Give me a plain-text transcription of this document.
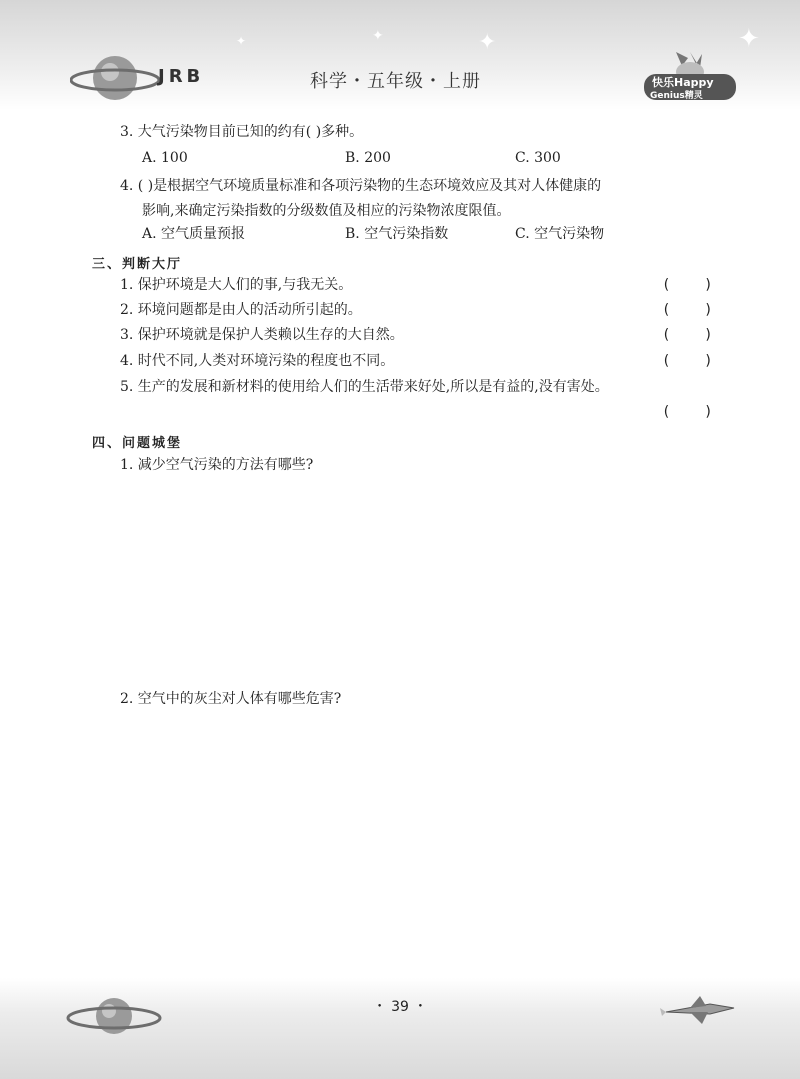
✦	✦	✦
✦
JRB	科学・五年级・上册	快乐Happy
Genius精灵
3. 大气污染物目前已知的约有( )多种。
A. 100	B. 200	C. 300
4. ( )是根据空气环境质量标准和各项污染物的生态环境效应及其对人体健康的
影响,来确定污染指数的分级数值及相应的污染物浓度限值。
A. 空气质量预报	B. 空气污染指数	C. 空气污染物
三、判断大厅
1. 保护环境是大人们的事,与我无关。	(    )
2. 环境问题都是由人的活动所引起的。	(    )
3. 保护环境就是保护人类赖以生存的大自然。	(    )
4. 时代不同,人类对环境污染的程度也不同。	(    )
5. 生产的发展和新材料的使用给人们的生活带来好处,所以是有益的,没有害处。
(    )
四、问题城堡
1. 减少空气污染的方法有哪些?
2. 空气中的灰尘对人体有哪些危害?
・ 39 ・
